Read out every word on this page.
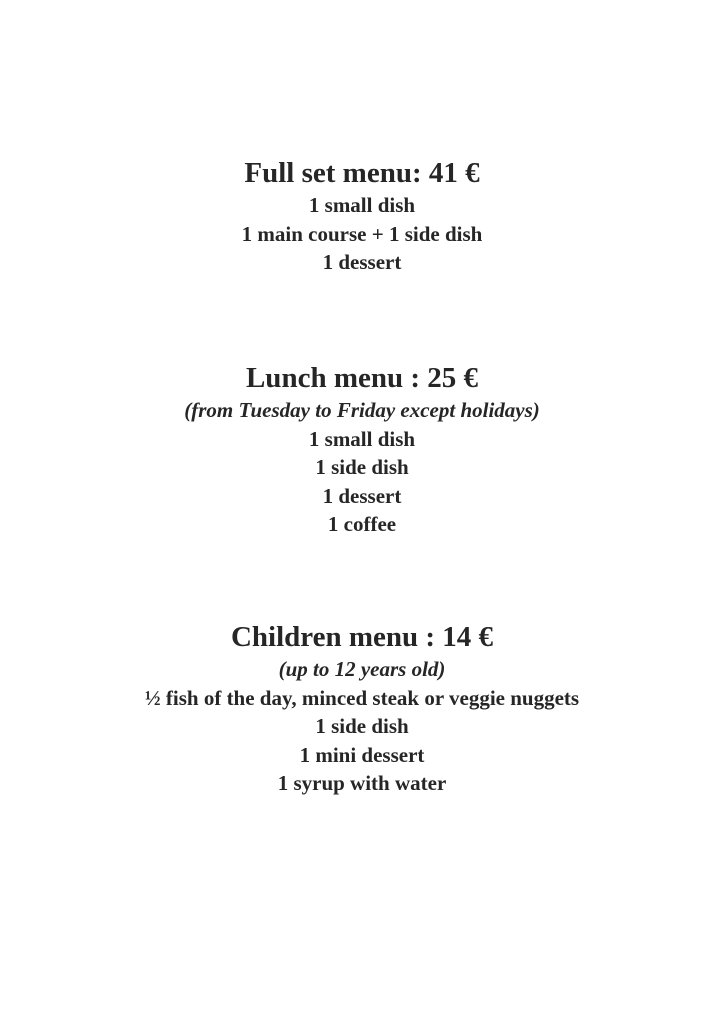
Full set menu: 41 €
1 small dish
1 main course + 1 side dish
1 dessert
Lunch menu : 25 €
(from Tuesday to Friday except holidays)
1 small dish
1 side dish
1 dessert
1 coffee
Children menu : 14 €
(up to 12 years old)
½ fish of the day, minced steak or veggie nuggets
1 side dish
1 mini dessert
1 syrup with water
